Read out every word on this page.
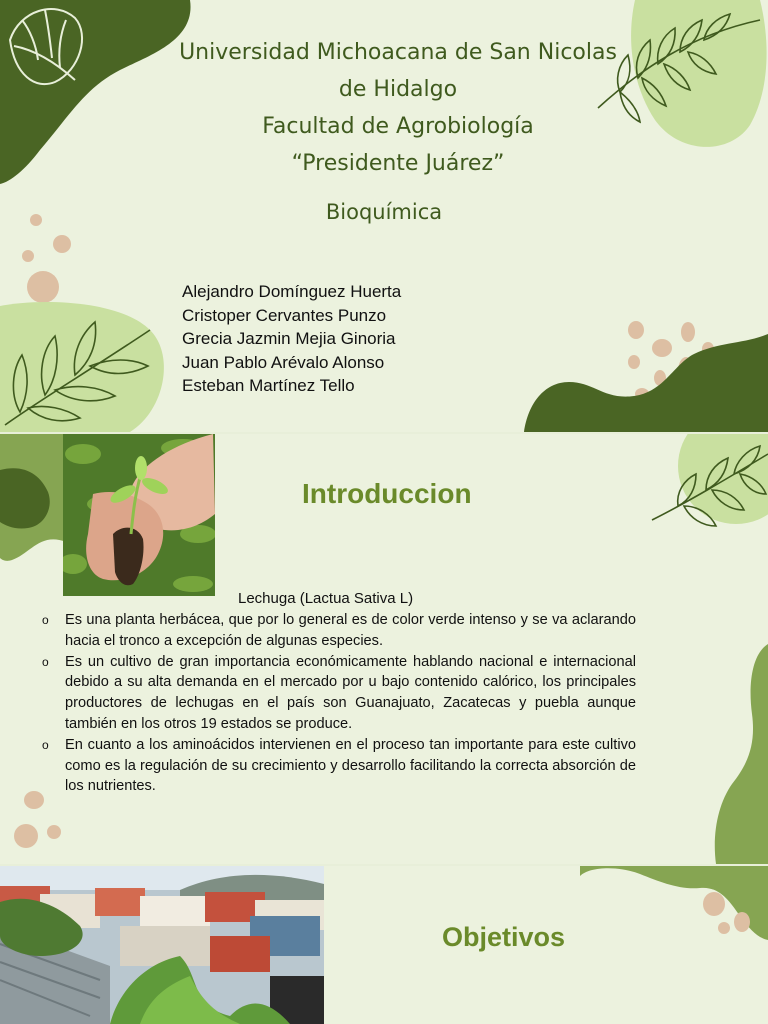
Universidad Michoacana de San Nicolas
de Hidalgo
Facultad de Agrobiología
“Presidente Juárez”
Bioquímica
Alejandro Domínguez Huerta
Cristoper Cervantes Punzo
Grecia Jazmin Mejia Ginoria
Juan Pablo Arévalo Alonso
Esteban Martínez Tello
Introduccion
Lechuga (Lactua Sativa L)
o Es una planta herbácea, que por lo general es de color verde intenso y se va aclarando hacia el tronco a excepción de algunas especies.
o Es un cultivo de gran importancia económicamente hablando nacional e internacional debido a su alta demanda en el mercado por u bajo contenido calórico, los principales productores de lechugas en el país son Guanajuato, Zacatecas y puebla aunque también en los otros 19 estados se produce.
o En cuanto a los aminoácidos intervienen en el proceso tan importante para este cultivo como es la regulación de su crecimiento y desarrollo facilitando la correcta absorción de los nutrientes.
Objetivos
